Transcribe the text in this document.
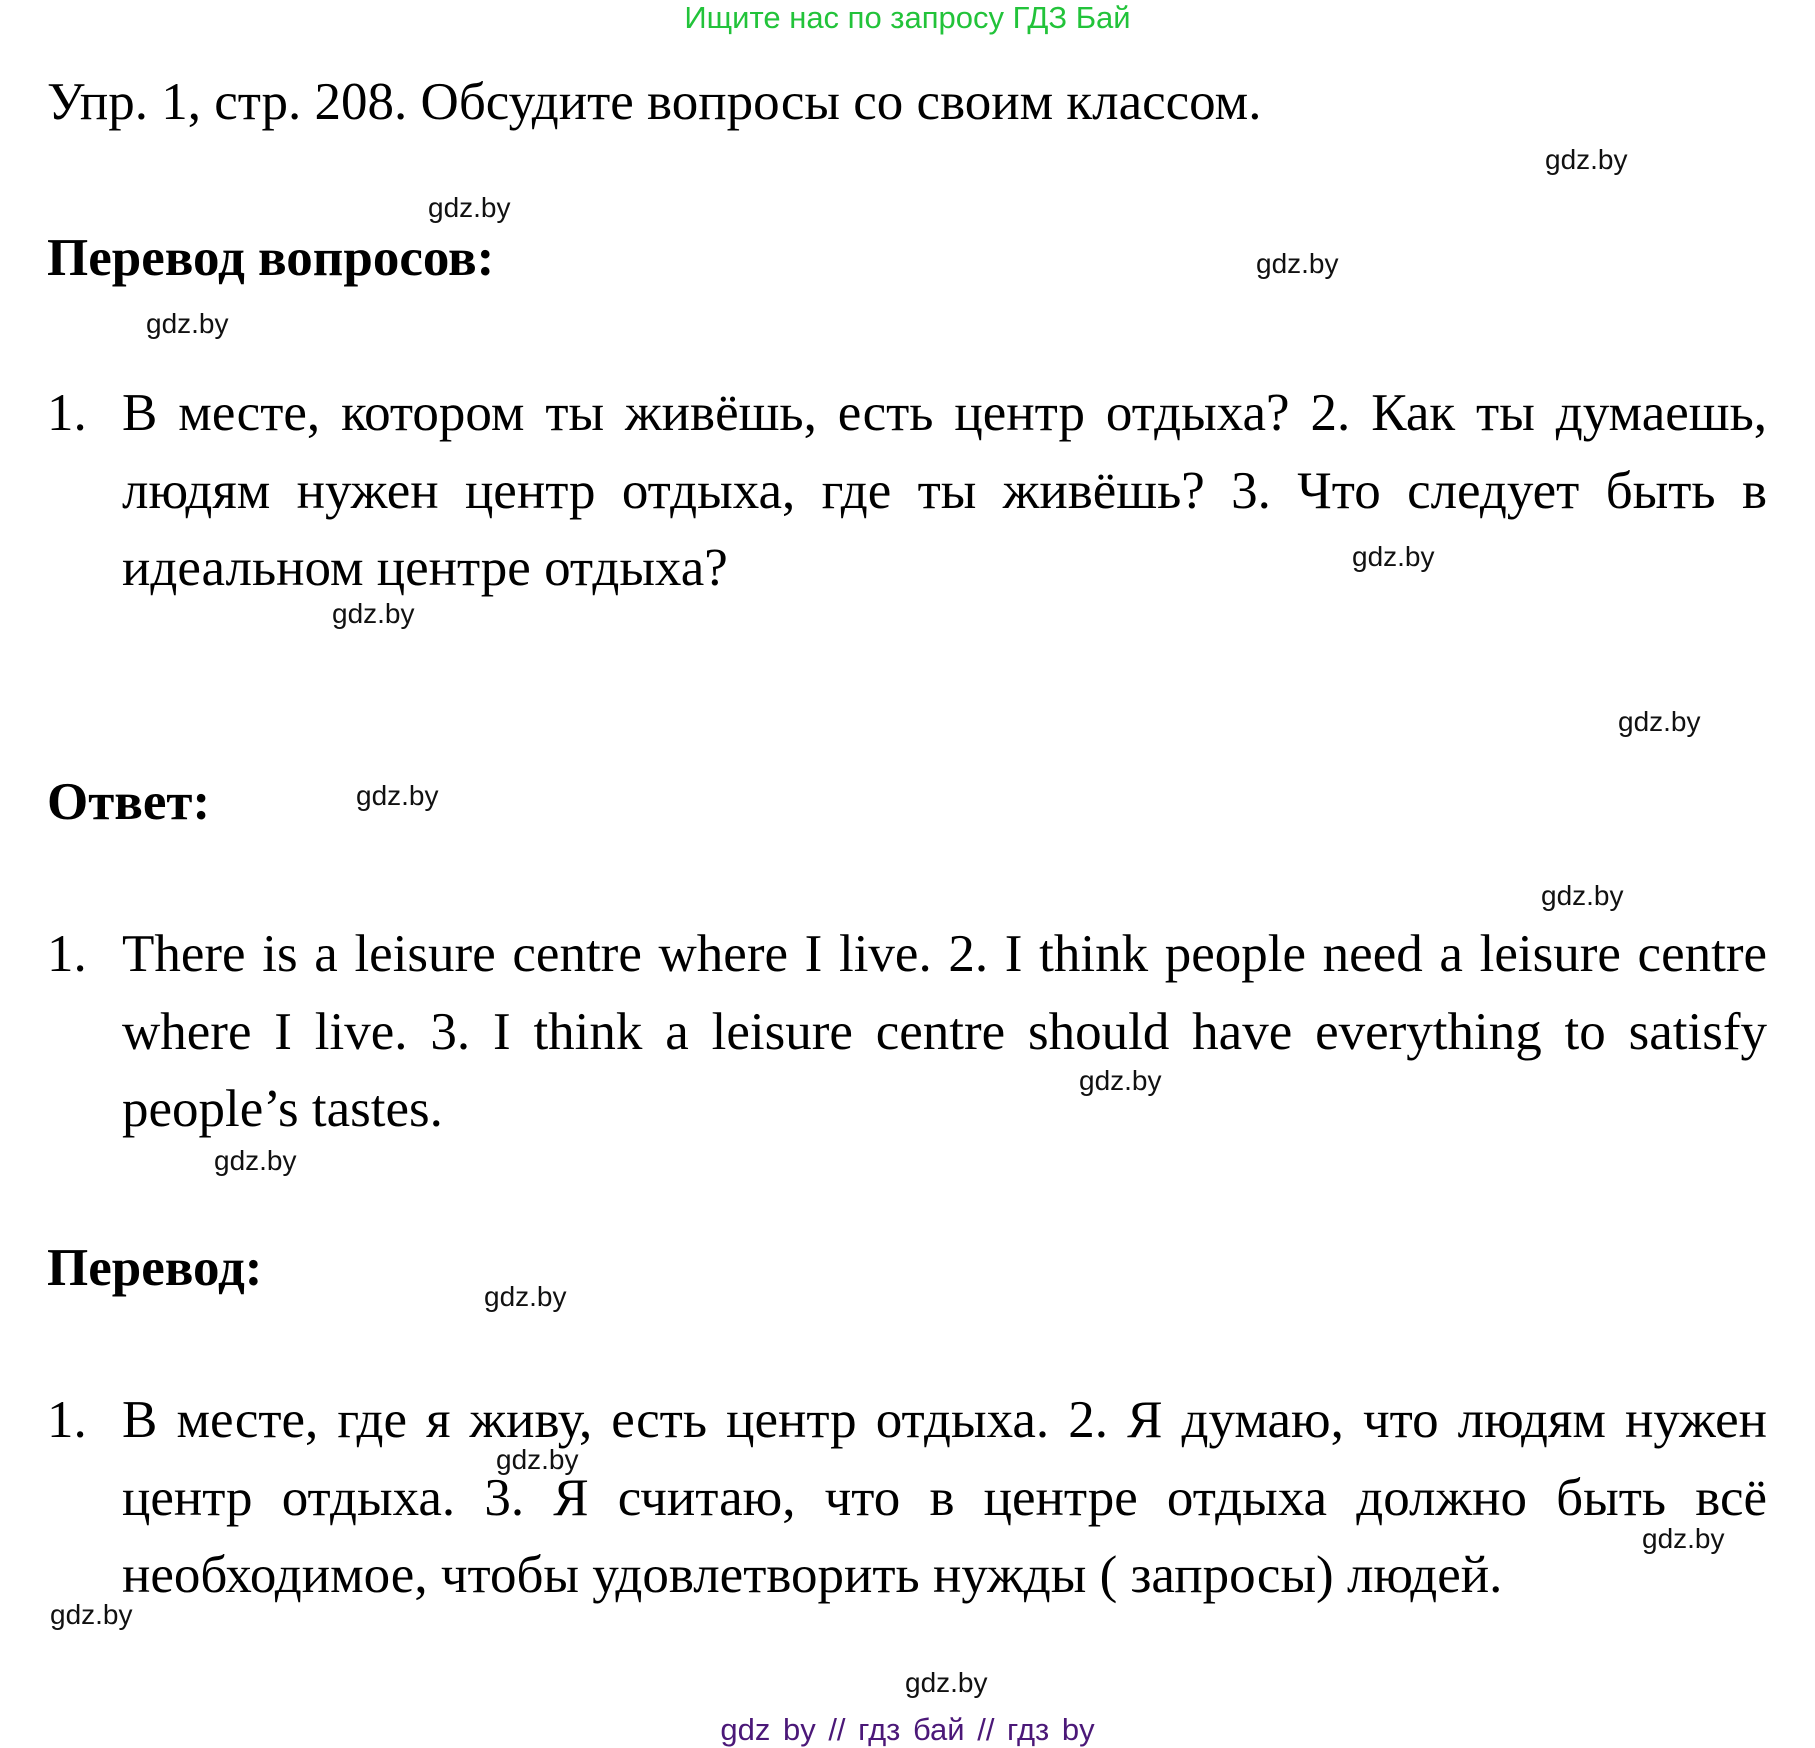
Ищите нас по запросу ГДЗ Бай
Упр. 1, стр. 208. Обсудите вопросы со своим классом.
Перевод вопросов:
1. В месте, котором ты живёшь, есть центр отдыха? 2. Как ты думаешь, людям нужен центр отдыха, где ты живёшь? 3. Что следует быть в идеальном центре отдыха?
Ответ:
1. There is a leisure centre where I live. 2. I think people need a leisure centre where I live. 3. I think a leisure centre should have everything to satisfy people’s tastes.
Перевод:
1. В месте, где я живу, есть центр отдыха. 2. Я думаю, что людям нужен центр отдыха. 3. Я считаю, что в центре отдыха должно быть всё необходимое, чтобы удовлетворить нужды ( запросы) людей.
gdz.by
gdz.by
gdz.by
gdz.by
gdz.by
gdz.by
gdz.by
gdz.by
gdz.by
gdz.by
gdz.by
gdz.by
gdz.by
gdz.by
gdz.by
gdz.by
gdz by // гдз бай // гдз by
